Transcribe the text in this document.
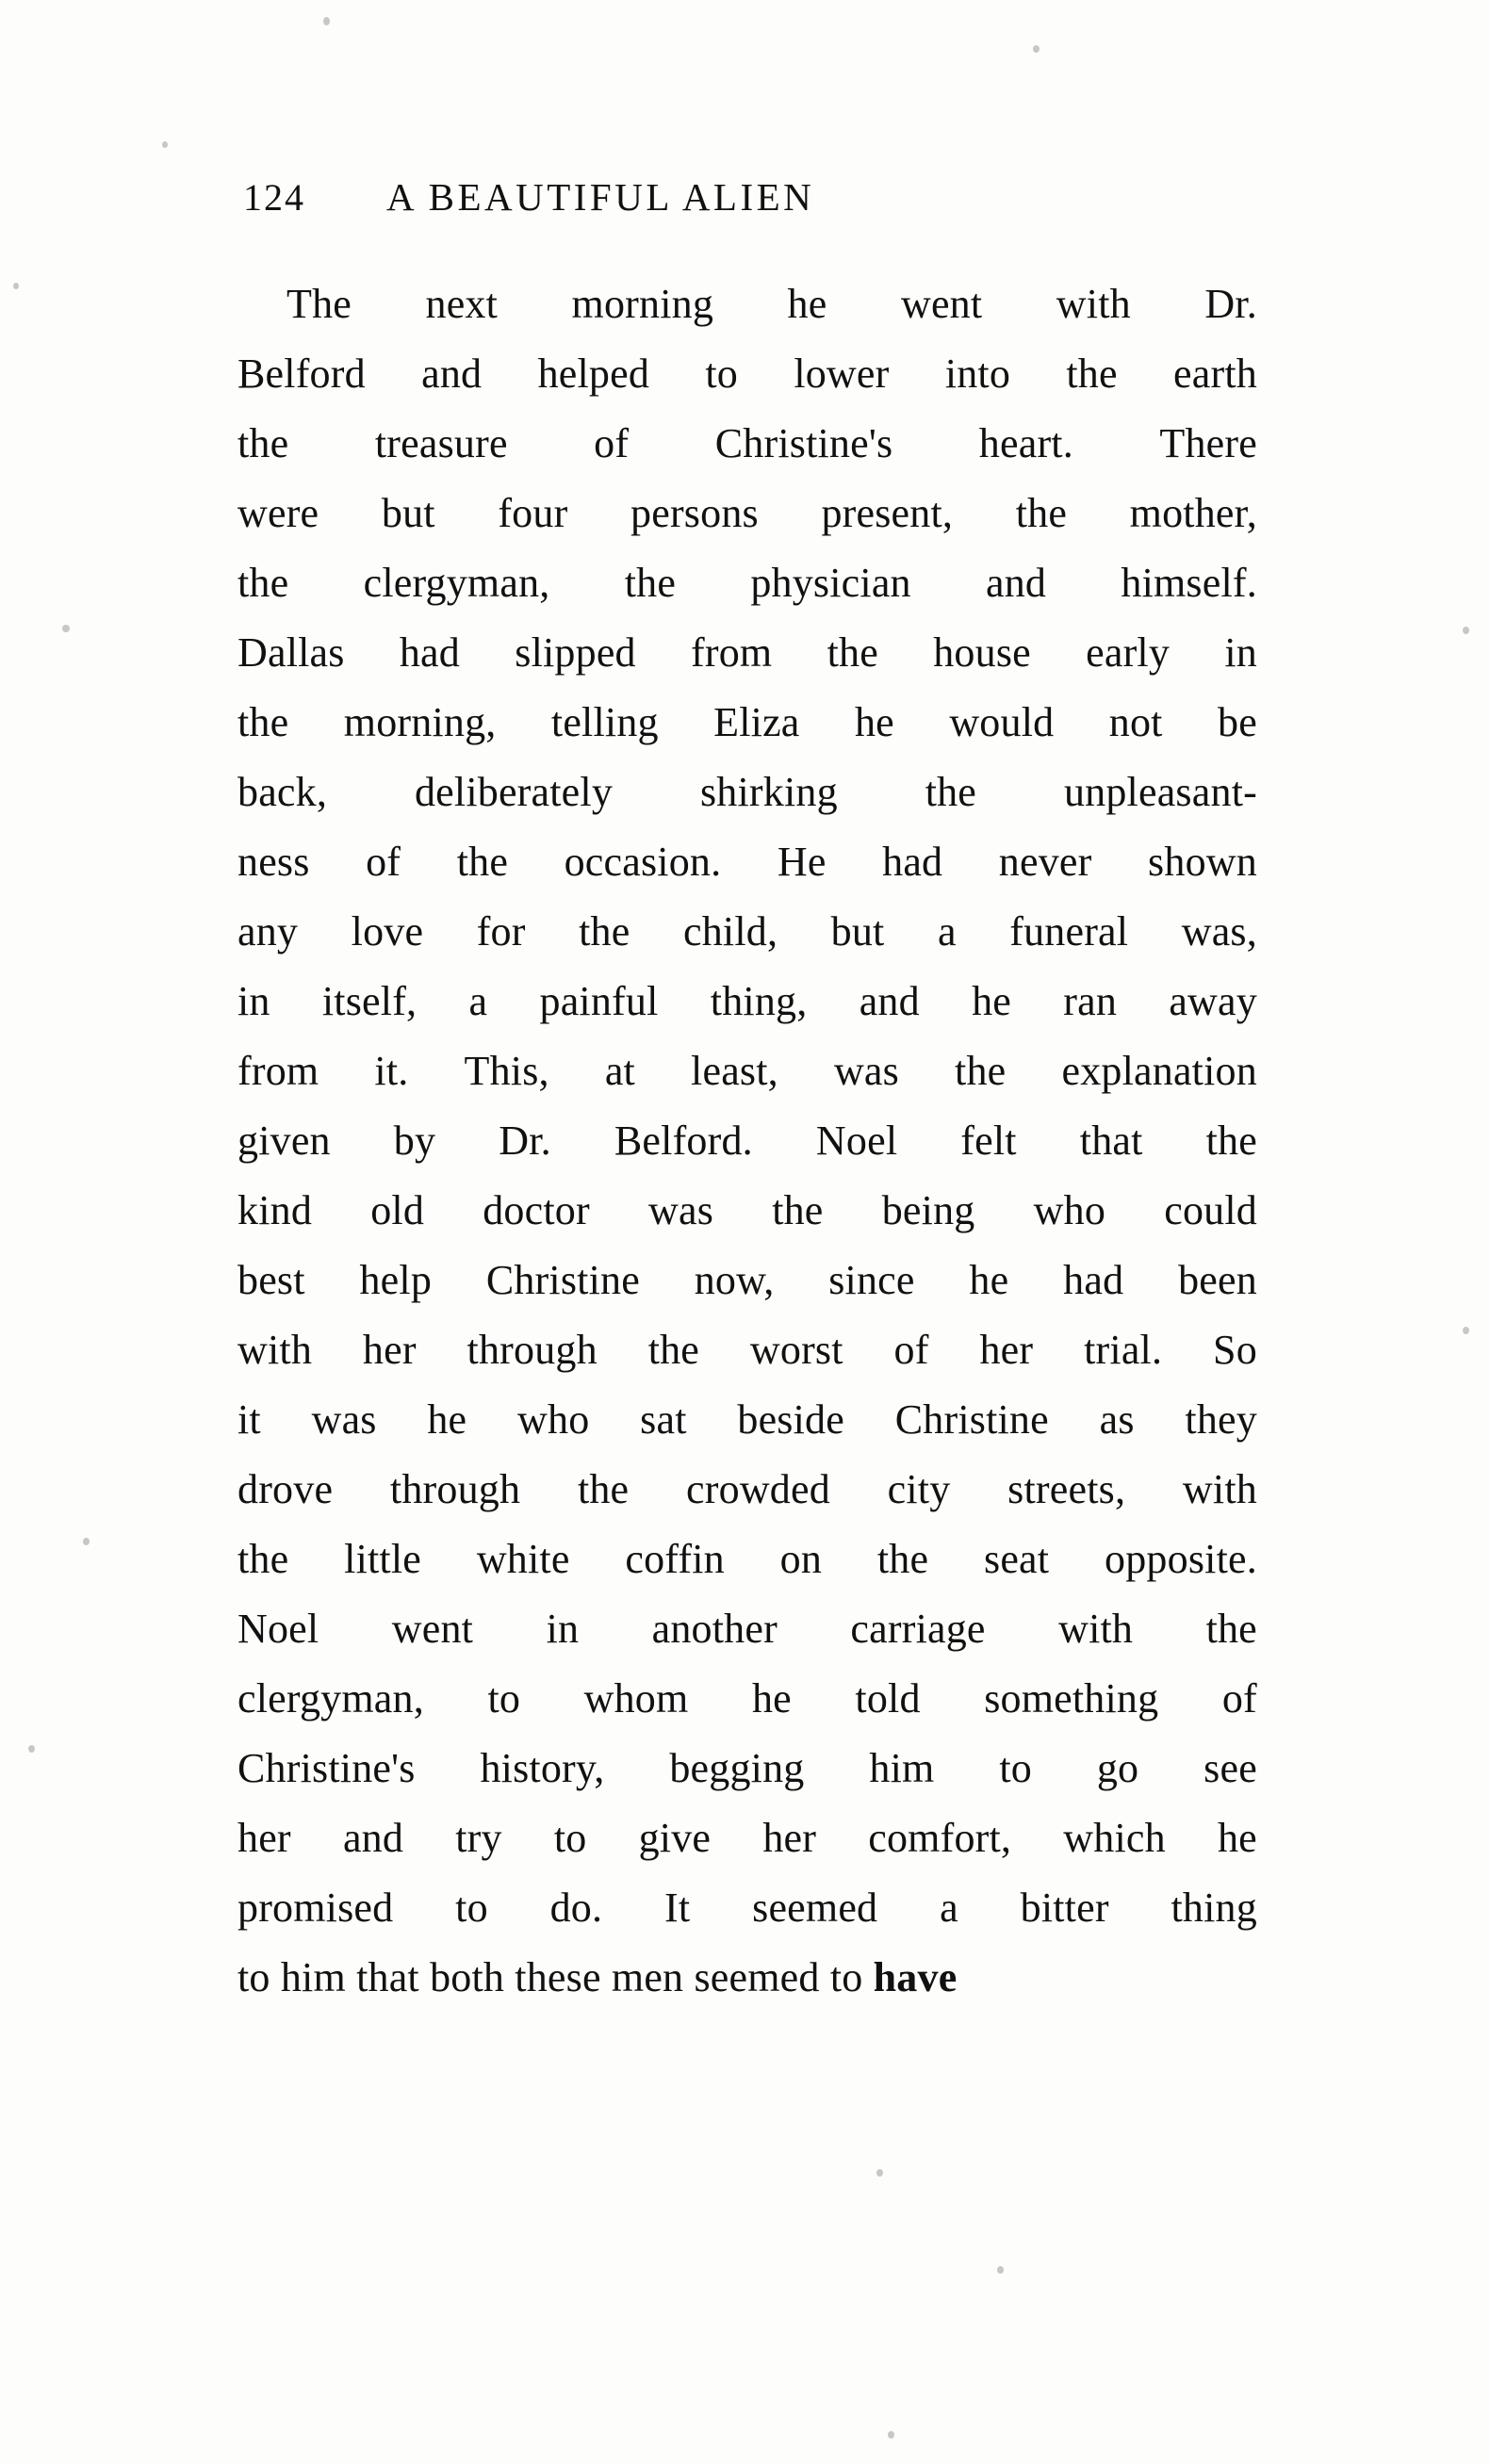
124 A BEAUTIFUL ALIEN
The next morning he went with Dr.
Belford and helped to lower into the earth
the treasure of Christine's heart. There
were but four persons present, the mother,
the clergyman, the physician and himself.
Dallas had slipped from the house early in
the morning, telling Eliza he would not be
back, deliberately shirking the unpleasant-
ness of the occasion. He had never shown
any love for the child, but a funeral was,
in itself, a painful thing, and he ran away
from it. This, at least, was the explanation
given by Dr. Belford. Noel felt that the
kind old doctor was the being who could
best help Christine now, since he had been
with her through the worst of her trial. So
it was he who sat beside Christine as they
drove through the crowded city streets, with
the little white coffin on the seat opposite.
Noel went in another carriage with the
clergyman, to whom he told something of
Christine's history, begging him to go see
her and try to give her comfort, which he
promised to do. It seemed a bitter thing
to him that both these men seemed to have
